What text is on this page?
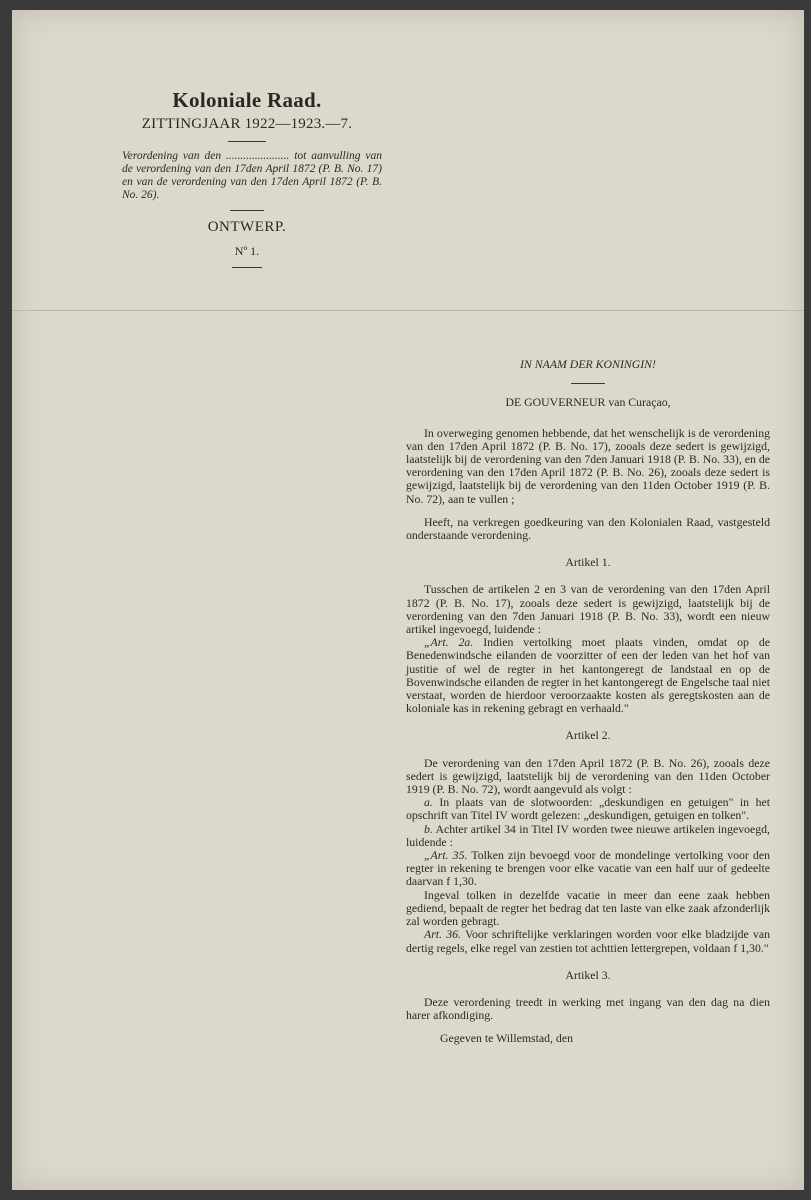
Koloniale Raad.

ZITTINGJAAR 1922—1923.—7.

Verordening van den ...................... tot aanvulling van de verordening van den 17den April 1872 (P. B. No. 17) en van de verordening van den 17den April 1872 (P. B. No. 26).

ONTWERP.
Nº 1.

IN NAAM DER KONINGIN!

DE GOUVERNEUR van Curaçao,

In overweging genomen hebbende, dat het wenschelijk is de verordening van den 17den April 1872 (P. B. No. 17), zooals deze sedert is gewijzigd, laatstelijk bij de verordening van den 7den Januari 1918 (P. B. No. 33), en de verordening van den 17den April 1872 (P. B. No. 26), zooals deze sedert is gewijzigd, laatstelijk bij de verordening van den 11den October 1919 (P. B. No. 72), aan te vullen ;

Heeft, na verkregen goedkeuring van den Kolonialen Raad, vastgesteld onderstaande verordening.

Artikel 1.

Tusschen de artikelen 2 en 3 van de verordening van den 17den April 1872 (P. B. No. 17), zooals deze sedert is gewijzigd, laatstelijk bij de verordening van den 7den Januari 1918 (P. B. No. 33), wordt een nieuw artikel ingevoegd, luidende :

„Art. 2a. Indien vertolking moet plaats vinden, omdat op de Benedenwindsche eilanden de voorzitter of een der leden van het hof van justitie of wel de regter in het kantongeregt de landstaal en op de Bovenwindsche eilanden de regter in het kantongeregt de Engelsche taal niet verstaat, worden de hierdoor veroorzaakte kosten als geregtskosten aan de koloniale kas in rekening gebragt en verhaald."

Artikel 2.

De verordening van den 17den April 1872 (P. B. No. 26), zooals deze sedert is gewijzigd, laatstelijk bij de verordening van den 11den October 1919 (P. B. No. 72), wordt aangevuld als volgt :

a. In plaats van de slotwoorden: „deskundigen en getuigen" in het opschrift van Titel IV wordt gelezen: „deskundigen, getuigen en tolken".

b. Achter artikel 34 in Titel IV worden twee nieuwe artikelen ingevoegd, luidende :

„Art. 35. Tolken zijn bevoegd voor de mondelinge vertolking voor den regter in rekening te brengen voor elke vacatie van een half uur of gedeelte daarvan f 1,30.

Ingeval tolken in dezelfde vacatie in meer dan eene zaak hebben gediend, bepaalt de regter het bedrag dat ten laste van elke zaak afzonderlijk zal worden gebragt.

Art. 36. Voor schriftelijke verklaringen worden voor elke bladzijde van dertig regels, elke regel van zestien tot achttien lettergrepen, voldaan f 1,30."

Artikel 3.

Deze verordening treedt in werking met ingang van den dag na dien harer afkondiging.

Gegeven te Willemstad, den
